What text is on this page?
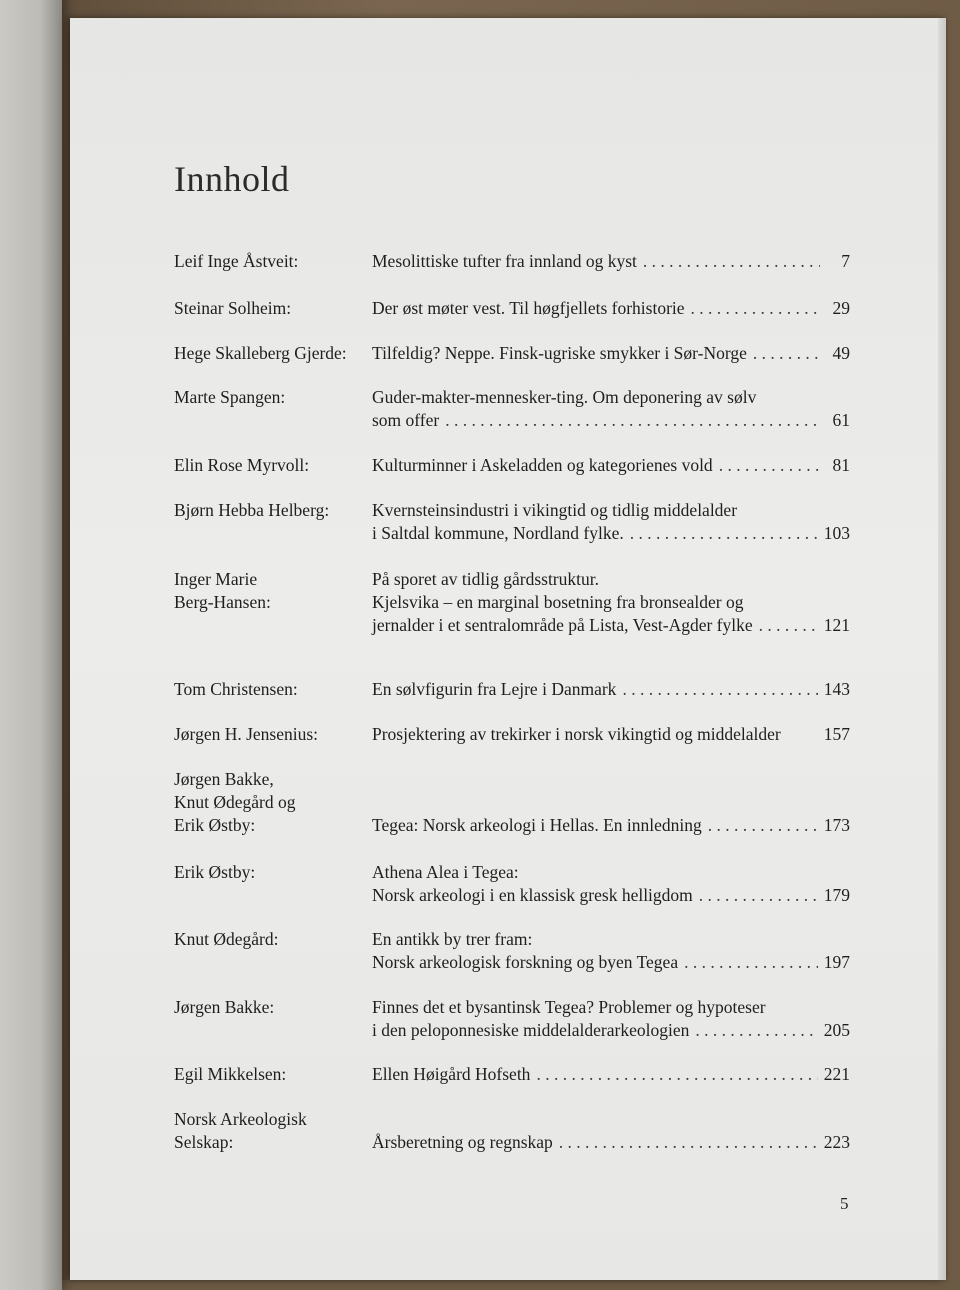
Innhold
Leif Inge Åstveit:	Mesolittiske tufter fra innland og kyst . . .	7
Steinar Solheim:	Der øst møter vest. Til høgfjellets forhistorie . . .	29
Hege Skalleberg Gjerde:	Tilfeldig? Neppe. Finsk-ugriske smykker i Sør-Norge . . .	49
Marte Spangen:	Guder-makter-mennesker-ting. Om deponering av sølv
som offer . . .	61
Elin Rose Myrvoll:	Kulturminner i Askeladden og kategorienes vold . . .	81
Bjørn Hebba Helberg:	Kvernsteinsindustri i vikingtid og tidlig middelalder
i Saltdal kommune, Nordland fylke. . . .	103
Inger Marie
Berg-Hansen:
På sporet av tidlig gårdsstruktur.
Kjelsvika – en marginal bosetning fra bronsealder og
jernalder i et sentralområde på Lista, Vest-Agder fylke . . .	121
Tom Christensen:	En sølvfigurin fra Lejre i Danmark . . .	143
Jørgen H. Jensenius:	Prosjektering av trekirker i norsk vikingtid og middelalder 157
Jørgen Bakke,
Knut Ødegård og
Erik Østby:	Tegea: Norsk arkeologi i Hellas. En innledning . . .	173
Erik Østby:	Athena Alea i Tegea:
Norsk arkeologi i en klassisk gresk helligdom . . .	179
Knut Ødegård:	En antikk by trer fram:
Norsk arkeologisk forskning og byen Tegea . . .	197
Jørgen Bakke:	Finnes det et bysantinsk Tegea? Problemer og hypoteser
i den peloponnesiske middelalderarkeologien . . .	205
Egil Mikkelsen:	Ellen Høigård Hofseth . . .	221
Norsk Arkeologisk
Selskap:	Årsberetning og regnskap . . .	223
5
